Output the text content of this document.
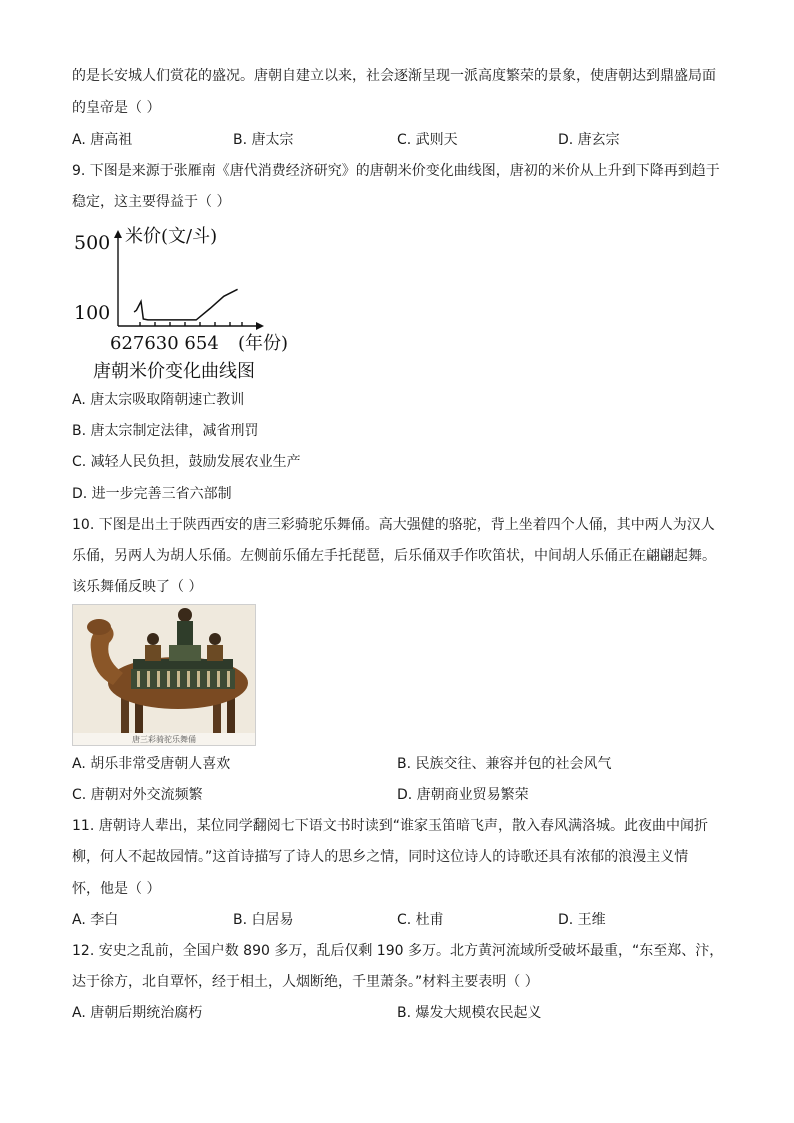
的是长安城人们赏花的盛况。唐朝自建立以来，社会逐渐呈现一派高度繁荣的景象，使唐朝达到鼎盛局面
的皇帝是（ ）
A. 唐高祖	B. 唐太宗	C. 武则天	D. 唐玄宗
9. 下图是来源于张雁南《唐代消费经济研究》的唐朝米价变化曲线图，唐初的米价从上升到下降再到趋于
稳定，这主要得益于（ ）
500
100
米价(文/斗)
627630 654 (年份)
唐朝米价变化曲线图
A. 唐太宗吸取隋朝速亡教训
B. 唐太宗制定法律，减省刑罚
C. 减轻人民负担，鼓励发展农业生产
D. 进一步完善三省六部制
10. 下图是出土于陕西西安的唐三彩骑驼乐舞俑。高大强健的骆驼，背上坐着四个人俑，其中两人为汉人
乐俑，另两人为胡人乐俑。左侧前乐俑左手托琵琶，后乐俑双手作吹笛状，中间胡人乐俑正在翩翩起舞。
该乐舞俑反映了（ ）
唐三彩骑驼乐舞俑
A. 胡乐非常受唐朝人喜欢	B. 民族交往、兼容并包的社会风气
C. 唐朝对外交流频繁	D. 唐朝商业贸易繁荣
11. 唐朝诗人辈出，某位同学翻阅七下语文书时读到“谁家玉笛暗飞声，散入春风满洛城。此夜曲中闻折
柳，何人不起故园情。”这首诗描写了诗人的思乡之情，同时这位诗人的诗歌还具有浓郁的浪漫主义情
怀，他是（ ）
A. 李白	B. 白居易	C. 杜甫	D. 王维
12. 安史之乱前，全国户数 890 多万，乱后仅剩 190 多万。北方黄河流域所受破坏最重，“东至郑、汴，
达于徐方，北自覃怀，经于相土，人烟断绝，千里萧条。”材料主要表明（ ）
A. 唐朝后期统治腐朽	B. 爆发大规模农民起义
